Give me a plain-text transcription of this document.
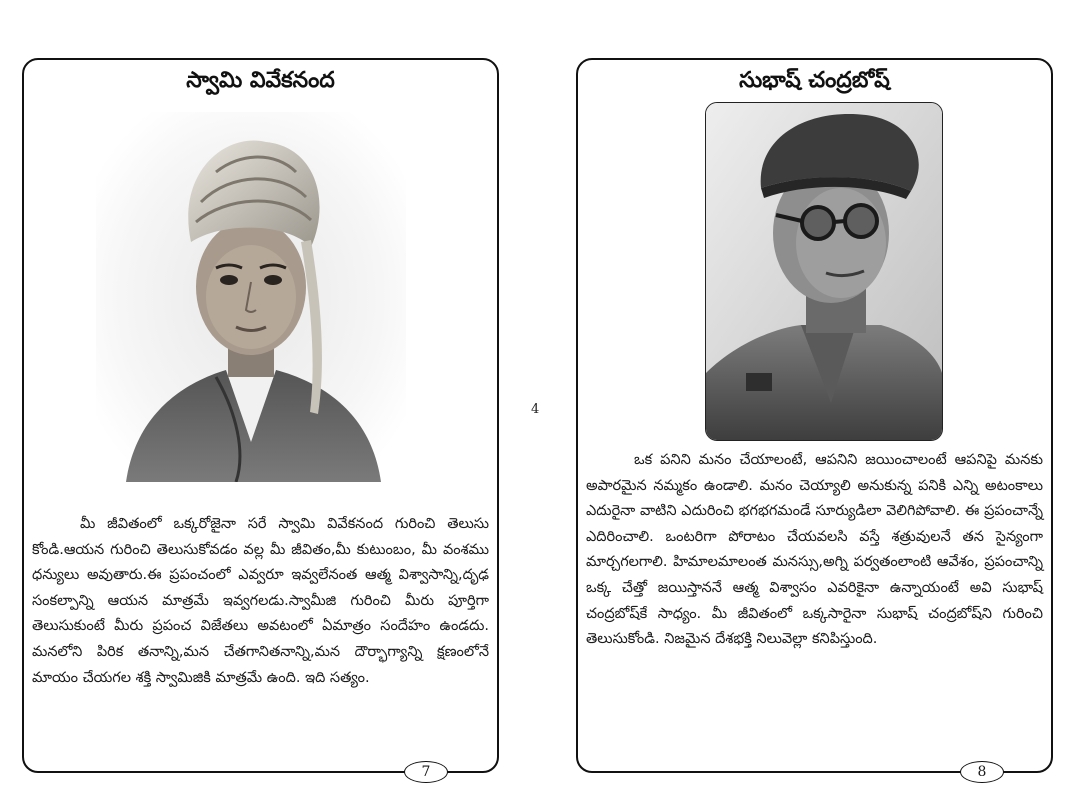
4
స్వామి వివేకనంద

మీ జీవితంలో ఒక్కరోజైనా సరే స్వామి వివేకనంద గురించి తెలుసు కోండి.ఆయన గురించి తెలుసుకోవడం వల్ల మీ జీవితం,మీ కుటుంబం, మీ వంశము ధన్యులు అవుతారు.ఈ ప్రపంచంలో ఎవ్వరూ ఇవ్వలేనంత ఆత్మ విశ్వాసాన్ని,దృఢ సంకల్పాన్ని ఆయన మాత్రమే ఇవ్వగలడు.స్వామీజి గురించి మీరు పూర్తిగా తెలుసుకుంటే మీరు ప్రపంచ విజేతలు అవటంలో ఏమాత్రం సందేహం ఉండదు. మనలోని పిరిక తనాన్ని,మన చేతగానితనాన్ని,మన దౌర్భాగ్యాన్ని క్షణంలోనే మాయం చేయగల శక్తి స్వామిజికి మాత్రమే ఉంది. ఇది సత్యం.

7
సుభాష్ చంద్రబోష్

ఒక పనిని మనం చేయాలంటే, ఆపనిని జయించాలంటే ఆపనిపై మనకు అపారమైన నమ్మకం ఉండాలి. మనం చెయ్యాలి అనుకున్న పనికి ఎన్ని అటంకాలు ఎదురైనా వాటిని ఎదురించి భగభగమండే సూర్యుడిలా వెలిగిపోవాలి. ఈ ప్రపంచాన్నే ఎదిరించాలి. ఒంటరిగా పోరాటం చేయవలసి వస్తే శత్రువులనే తన సైన్యంగా మార్చగలగాలి. హిమాలమాలంత మనస్సు,అగ్ని పర్వతంలాంటి ఆవేశం, ప్రపంచాన్ని ఒక్క చేత్తో జయిస్తాననే ఆత్మ విశ్వాసం ఎవరికైనా ఉన్నాయంటే అవి సుభాష్ చంద్రబోష్‌కే సాధ్యం. మీ జీవితంలో ఒక్కసారైనా సుభాష్ చంద్రబోష్‌ని గురించి తెలుసుకోండి. నిజమైన దేశభక్తి నిలువెల్లా కనిపిస్తుంది.

8
